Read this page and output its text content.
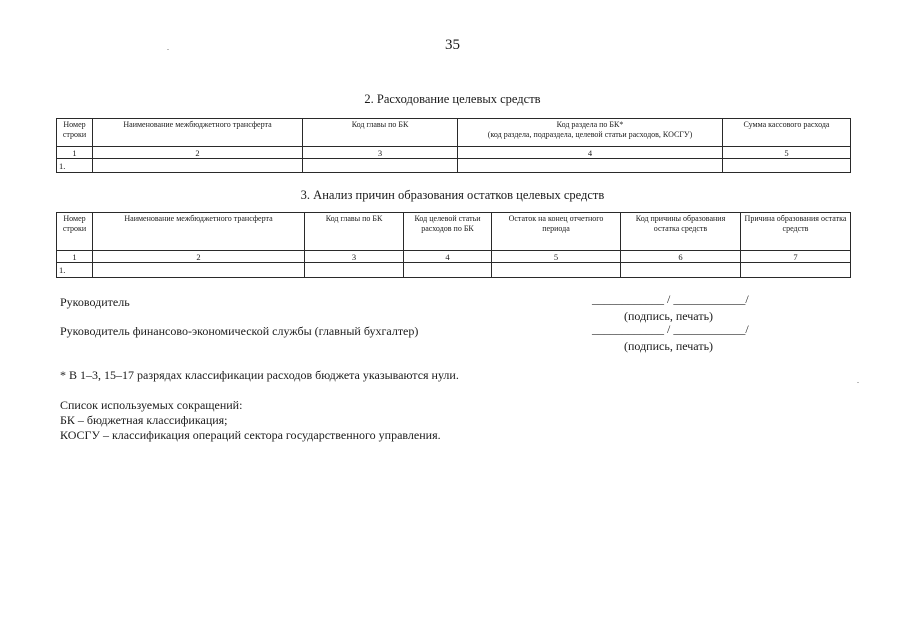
35
2. Расходование целевых средств
Номер строки	Наименование межбюджетного трансферта	Код главы по БК	Код раздела по БК*
(код раздела, подраздела, целевой статьи расходов, КОСГУ)	Сумма кассового расхода
1	2	3	4	5
1.				
3. Анализ причин образования остатков целевых средств
Номер строки	Наименование межбюджетного трансферта	Код главы по БК	Код целевой статьи расходов по БК	Остаток на конец отчетного периода	Код причины образования остатка средств	Причина образования остатка средств
1	2	3	4	5	6	7
1.						
Руководитель	____________ / ____________/
(подпись, печать)
Руководитель финансово-экономической службы (главный бухгалтер)	____________ / ____________/
(подпись, печать)
* В 1–3, 15–17 разрядах классификации расходов бюджета указываются нули.
Список используемых сокращений:
БК – бюджетная классификация;
КОСГУ – классификация операций сектора государственного управления.
